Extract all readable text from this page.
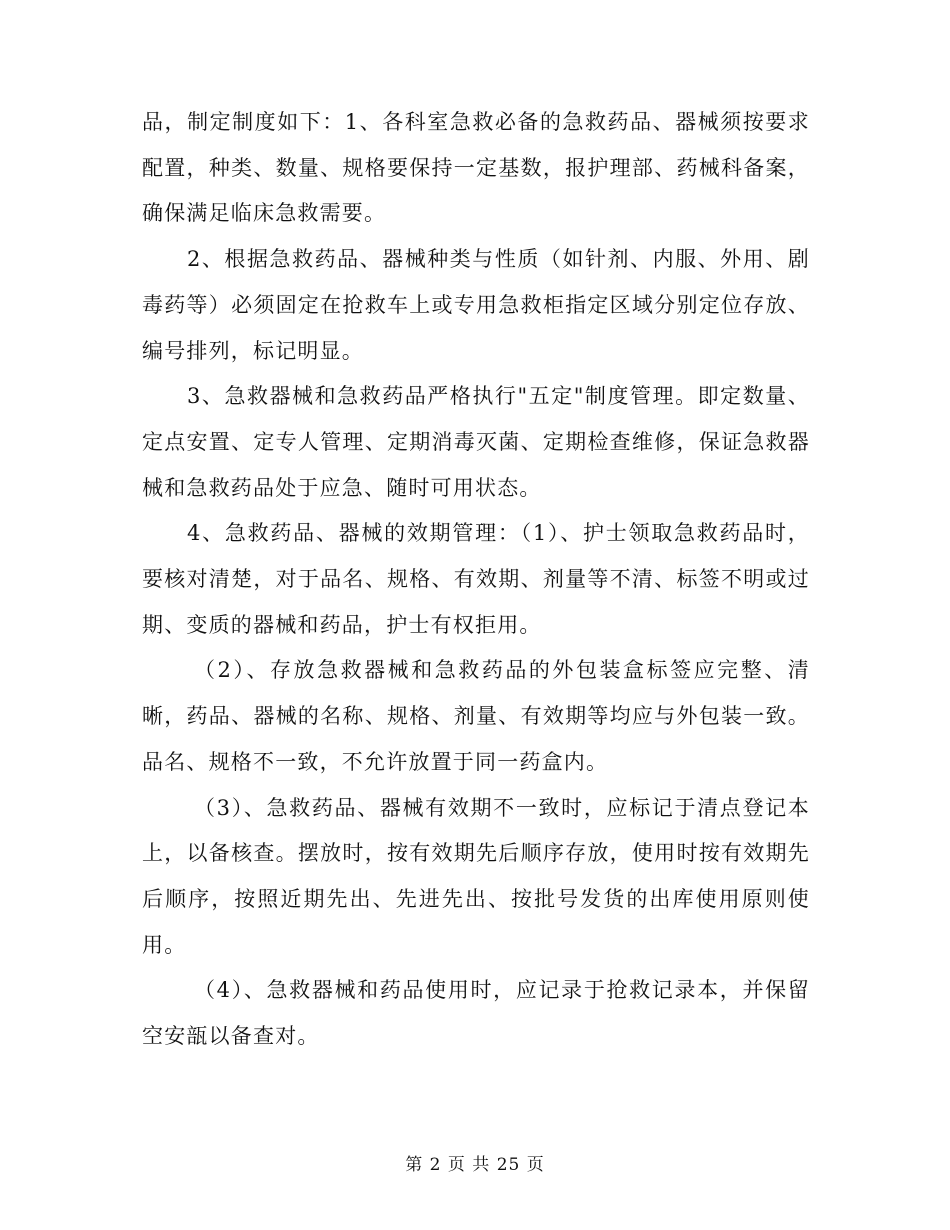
品，制定制度如下：1、各科室急救必备的急救药品、器械须按要求配置，种类、数量、规格要保持一定基数，报护理部、药械科备案，确保满足临床急救需要。

2、根据急救药品、器械种类与性质（如针剂、内服、外用、剧毒药等）必须固定在抢救车上或专用急救柜指定区域分别定位存放、编号排列，标记明显。

3、急救器械和急救药品严格执行"五定"制度管理。即定数量、定点安置、定专人管理、定期消毒灭菌、定期检查维修，保证急救器械和急救药品处于应急、随时可用状态。

4、急救药品、器械的效期管理：（1）、护士领取急救药品时，要核对清楚，对于品名、规格、有效期、剂量等不清、标签不明或过期、变质的器械和药品，护士有权拒用。

（2）、存放急救器械和急救药品的外包装盒标签应完整、清晰，药品、器械的名称、规格、剂量、有效期等均应与外包装一致。品名、规格不一致，不允许放置于同一药盒内。

（3）、急救药品、器械有效期不一致时，应标记于清点登记本上，以备核查。摆放时，按有效期先后顺序存放，使用时按有效期先后顺序，按照近期先出、先进先出、按批号发货的出库使用原则使用。

（4）、急救器械和药品使用时，应记录于抢救记录本，并保留空安瓿以备查对。

第 2 页 共 25 页
